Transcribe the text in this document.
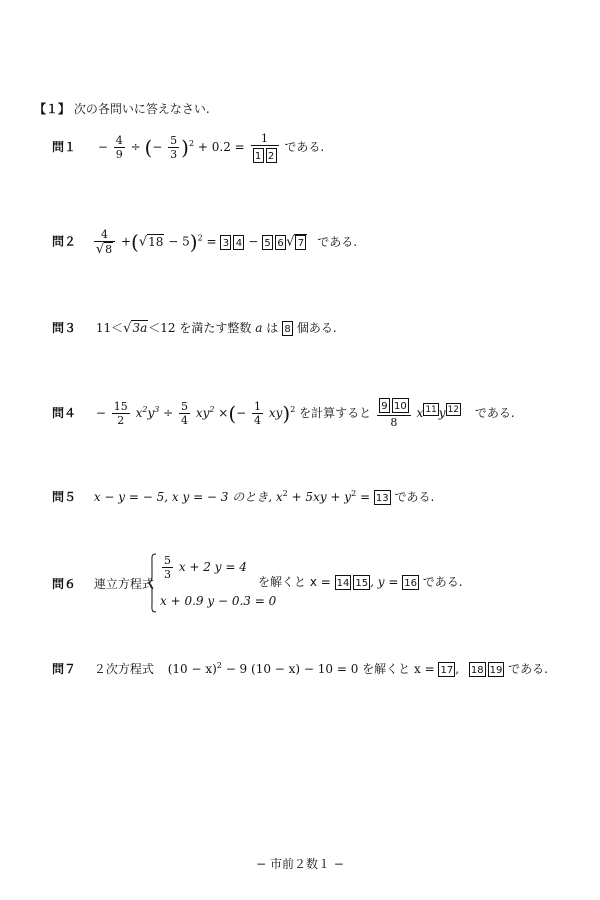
【１】 次の各問いに答えなさい.
問$1 - \frac{4}{9}$ ÷ (− $\frac{5}{3} )^2 + 0.2 = \frac{1}{1 2}$ である.
問$2 \frac{4}{√8} +(√18 - 5)^2 = 3$ 4 − 5 6 √ 7 である.
問３ 11＜√3a＜12 を満たす整数 a は 8 個ある.
問$4 - \frac{15}{2} x^2y^3 \div \frac{5}{4} xy^2$ ×(− $\frac{1}{4} xy)^2$ を計算すると $\frac{9 10}{8}$ x 11 y 12 である.
問５ x − y = − 5, x y = − 3 のとき, $x^2 + 5xy + y^2 = 13$ である.
問６ 連立方程式
$\frac{5}{3}$ x + 2 y = 4
x + 0.9 y − 0.3 = 0
を解くと x = 14 15 , y = 16 である.
問７ ２次方程式 $(10 - x)^2 - 9$ (10 − x) − 10 = 0 を解くと x = 17 , 18 19 である.
− 市前２数１ −
